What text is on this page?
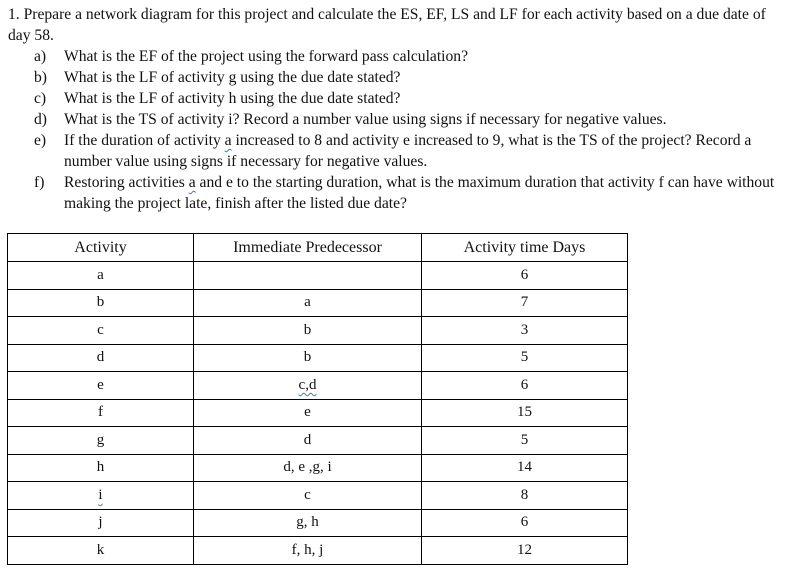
1. Prepare a network diagram for this project and calculate the ES, EF, LS and LF for each activity based on a due date of day 58.

a)	What is the EF of the project using the forward pass calculation?
b)	What is the LF of activity g using the due date stated?
c)	What is the LF of activity h using the due date stated?
d)	What is the TS of activity i? Record a number value using signs if necessary for negative values.
e)	If the duration of activity a increased to 8 and activity e increased to 9, what is the TS of the project? Record a number value using signs if necessary for negative values.
f)	Restoring activities a and e to the starting duration, what is the maximum duration that activity f can have without making the project late, finish after the listed due date?
Activity	Immediate Predecessor	Activity time Days
a		6
b	a	7
c	b	3
d	b	5
e	c,d	6
f	e	15
g	d	5
h	d, e ,g, i	14
i	c	8
j	g, h	6
k	f, h, j	12
